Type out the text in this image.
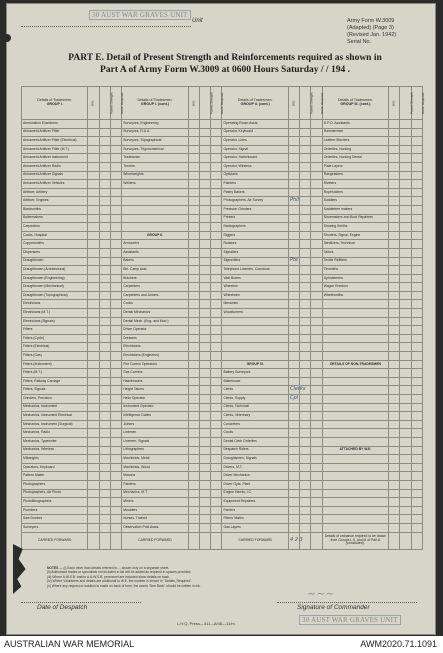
30 AUST WAR GRAVES UNIT
Unit	Army Form W.3009
(Adapted) (Page 3)
(Revised Jan. 1942)
Serial No.
PART E. Detail of Present Strength and Reinforcements required as shown in
Part A of Army Form W.3009 at 0600 Hours Saturday / / 194 .
Details of Tradesmen.
GROUP I.	W.E.	Posted Strength.	Reinf. Required.	Details of Tradesmen.
GROUP I. (cont.)	W.E.	Posted Strength.	Reinf. Required.	Details of Tradesmen.
GROUP II. (cont.)	W.E.	Posted Strength.	Reinf. Required.	Details of Tradesmen.
GROUP III. (cont.)	W.E.	Posted Strength.	Reinf. Required.
Ammunition Examiners				Surveyors, Engineering				Operating Room Assts.				G.P.O. Assistants			
Armament Artificer Fitter				Surveyors, R.A.A.				Operator, Keyboard				Hammermen			
Armament Artificer Fitter (Electrical)				Surveyors, Topographical				Operator, Lines				Leather Stitchers			
Armament Artificer Fitter (M.T.)				Surveyors, Trigonometrical				Operator, Signal				Orderlies, Nursing			
Armament Artificer Instrument				Tradesmen				Operator, Switchboard				Orderlies, Nursing Dental			
Armament Artificer Radio				Turners				Operator, Wireless				Plate Layers			
Armament Artificer Signals				Wheelwrights				Opticians				Rangetakers			
Armament Artificer Vehicles				Welders				Painters				Riveters			
Artificer, Artillery								Pastry Bakers				Ropeholders			
Artificer, Engines								Photographers, Air Survey	Phil			Saddlers			
Blacksmiths								Precision Grinders				Saddletree makers			
Boilermakers								Printers				Shoemakers and Boot Repairers			
Carpenters								Radiographers				Shoeing Smiths			
Cooks, Hospital				GROUP II.				Riggers				Shorters, Signal, Engine			
Coppersmiths				Armourers				Rotators				Sterilizers, Technical			
Dispensers				Assistants				Signallers				Tailors			
Draughtsmen				Bakers				Signwriters	Pte			Textile Refitters			
Draughtsmen (Architectural)				Bkt. Camp Asst.				Telephone Linemen, Construct.				Tinsmiths			
Draughtsmen (Engineering)				Butchers				Wall Borers				Upholsterers			
Draughtsmen (Mechanical)				Carpenters				Wheelers				Wagon Erectors			
Draughtsmen (Topographical)				Carpenters and Joiners				Wheelmen				Wheelsmiths			
Electricians				Cooks				Messmen							
Electricians (M.T.)				Dental Mechanics				Woodturners							
Electricians (Signals)				Dental Mech. (Eng. and Mod.)											
Fitters				Driver Operator											
Fitters (Cycle)				Dressers											
Fitters (Electrical)				Electricians											
Fitters (Gas)				Electricians (Engineers)											
Fitters (Instrument)				Fire Control Operators				GROUP III.				DETAILS OF NON-TRADESMEN			
Fitters (M.T.)				Gas Carriers				Battery Surveyors							
Fitters, Railway Carriage				Hairdressers				Bakehouse							
Fitters, Signals				Height Takers				Clerks	Clerks						
Grinders, Precision				Helio Operator				Clerks, Supply	Cpl						
Mechanics, Instrument				Instrument Operator				Clerks, Technical							
Mechanics, Instrument Electrical				Intelligence Duties				Clerks, Veterinary							
Mechanics, Instrument (Surgical)				Joiners				Concreters							
Mechanics, Radio				Linemen				Cooks							
Mechanics, Typewriter				Linemen, Signals				Dental Clerk Orderlies							
Mechanics, Wireless				Lithographers				Despatch Riders				ATTACHED BY W.E.			
Millwrights				Machinists, Metal				Draughtsmen, Signals							
Operators, Keyboard				Machinists, Wood				Drivers, M.T.							
Pattern Maker				Masons				Driver Mechanics							
Photographers				Painters				Driver Opts. Plant							
Photographers, Air Photo				Mechanics, M.T.				Engine Hands, I.C.							
Photolithographers				Miners				Equipment Repairers							
Plumbers				Moulders				Farriers							
Saw Doctors				Nurses, Trained				Fitters' Mates							
Surveyors				Observation Post Assts.				Gas Layers							
CARRIED FORWARD				CARRIED FORWARD				CARRIED FORWARD	4 2 3			Details of ordnance required to be drawn from Groups I, II, and III of Part A (concluded).			
NOTES — (i) Each other than details referred to ... shown only on a separate sheet.
(ii) Authorised trades or specialists not included in list will be added as required in spaces provided.
(iii) Where A.W.S.B. and/or A.A.W.S.B. personnel are included show details on back.
(iv) Where Volunteers and details are additional to W.E. the number is shown in "Details, Required".
(v) Where any request or solution is made on back of form, the words "See Back" should be written in ink.
~~~
Date of Despatch	Signature of Commander
L.H.Q. Press—411—8/45—11/m.	30 AUST WAR GRAVES UNIT
AUSTRALIAN WAR MEMORIAL	AWM2020.71.1091
